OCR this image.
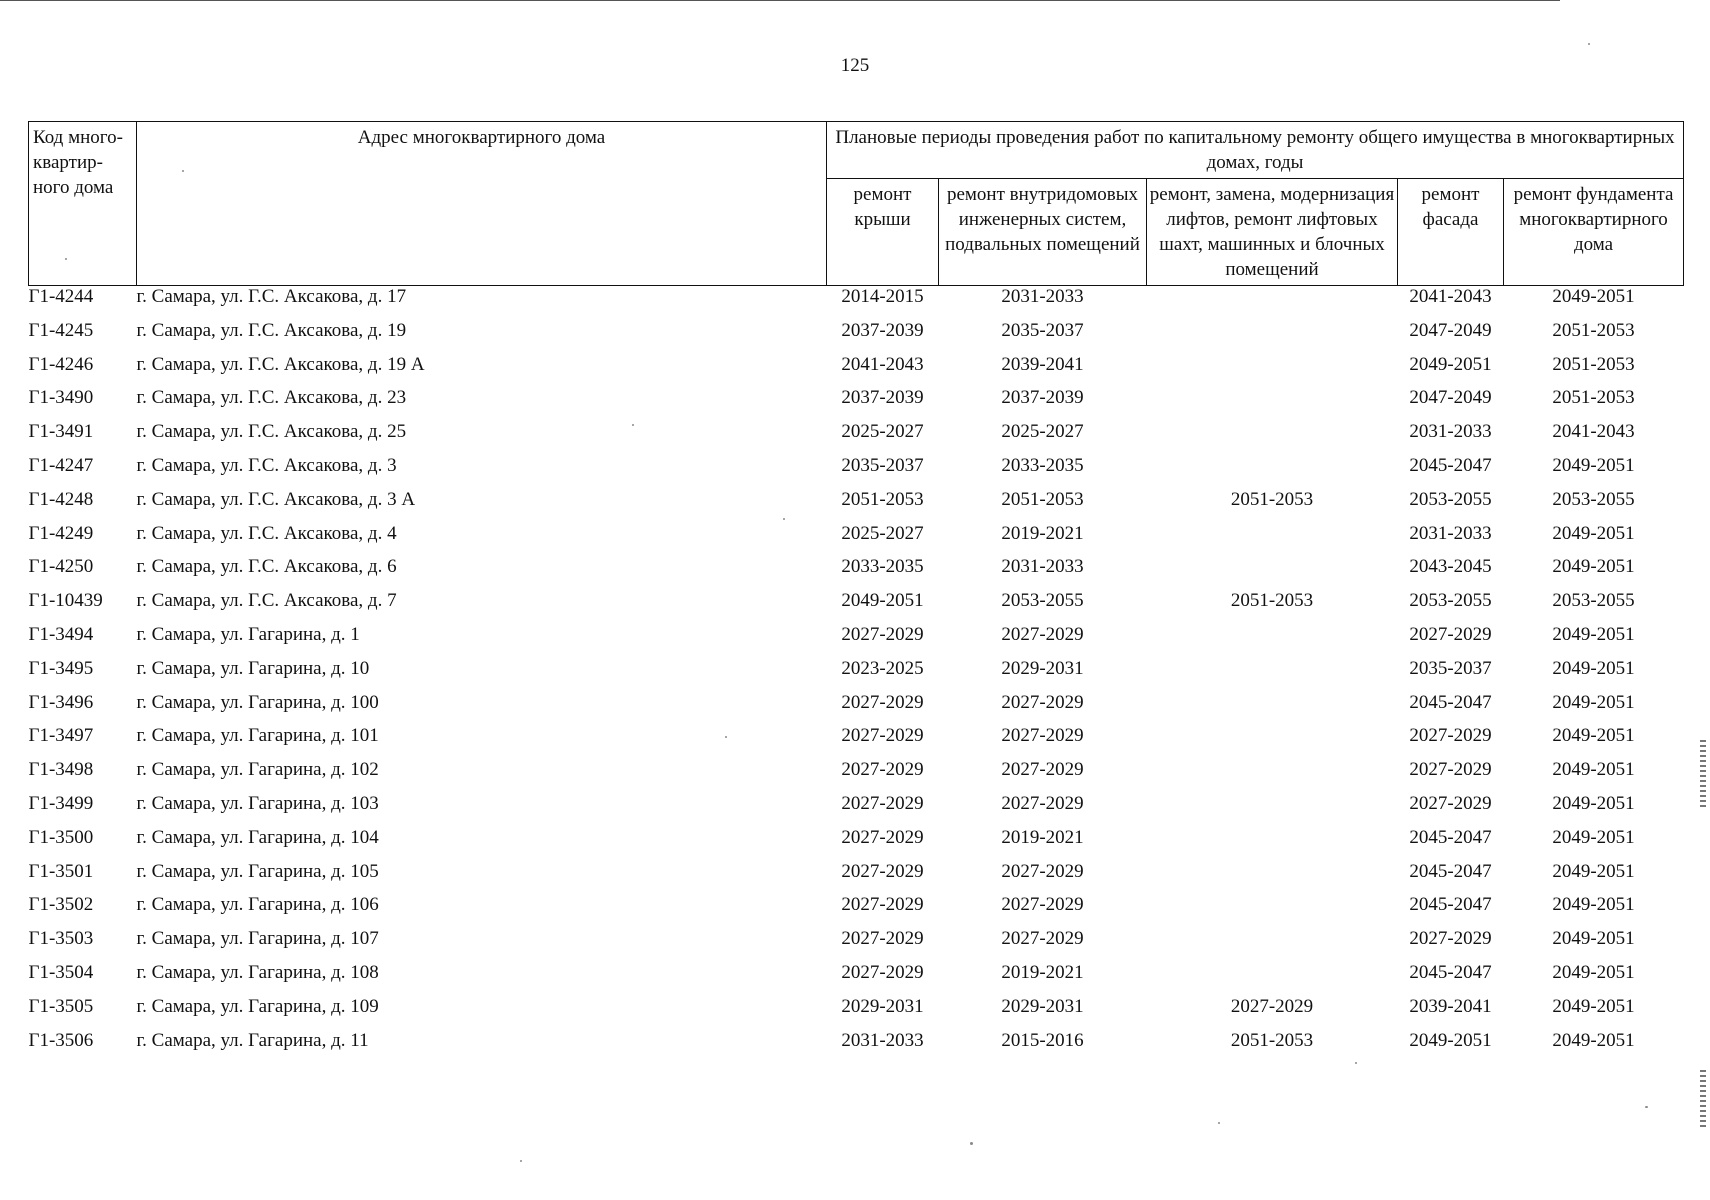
125
Код много-квартир-ного дома	Адрес многоквартирного дома	Плановые периоды проведения работ по капитальному ремонту общего имущества в многоквартирных домах, годы				
		ремонт крыши	ремонт внутридомовых инженерных систем, подвальных помещений	ремонт, замена, модернизация лифтов, ремонт лифтовых шахт, машинных и блочных помещений	ремонт фасада	ремонт фундамента многоквартирного дома
Г1-4244	г. Самара, ул. Г.С. Аксакова, д. 17	2014-2015	2031-2033		2041-2043	2049-2051
Г1-4245	г. Самара, ул. Г.С. Аксакова, д. 19	2037-2039	2035-2037		2047-2049	2051-2053
Г1-4246	г. Самара, ул. Г.С. Аксакова, д. 19 А	2041-2043	2039-2041		2049-2051	2051-2053
Г1-3490	г. Самара, ул. Г.С. Аксакова, д. 23	2037-2039	2037-2039		2047-2049	2051-2053
Г1-3491	г. Самара, ул. Г.С. Аксакова, д. 25	2025-2027	2025-2027		2031-2033	2041-2043
Г1-4247	г. Самара, ул. Г.С. Аксакова, д. 3	2035-2037	2033-2035		2045-2047	2049-2051
Г1-4248	г. Самара, ул. Г.С. Аксакова, д. 3 А	2051-2053	2051-2053	2051-2053	2053-2055	2053-2055
Г1-4249	г. Самара, ул. Г.С. Аксакова, д. 4	2025-2027	2019-2021		2031-2033	2049-2051
Г1-4250	г. Самара, ул. Г.С. Аксакова, д. 6	2033-2035	2031-2033		2043-2045	2049-2051
Г1-10439	г. Самара, ул. Г.С. Аксакова, д. 7	2049-2051	2053-2055	2051-2053	2053-2055	2053-2055
Г1-3494	г. Самара, ул. Гагарина, д. 1	2027-2029	2027-2029		2027-2029	2049-2051
Г1-3495	г. Самара, ул. Гагарина, д. 10	2023-2025	2029-2031		2035-2037	2049-2051
Г1-3496	г. Самара, ул. Гагарина, д. 100	2027-2029	2027-2029		2045-2047	2049-2051
Г1-3497	г. Самара, ул. Гагарина, д. 101	2027-2029	2027-2029		2027-2029	2049-2051
Г1-3498	г. Самара, ул. Гагарина, д. 102	2027-2029	2027-2029		2027-2029	2049-2051
Г1-3499	г. Самара, ул. Гагарина, д. 103	2027-2029	2027-2029		2027-2029	2049-2051
Г1-3500	г. Самара, ул. Гагарина, д. 104	2027-2029	2019-2021		2045-2047	2049-2051
Г1-3501	г. Самара, ул. Гагарина, д. 105	2027-2029	2027-2029		2045-2047	2049-2051
Г1-3502	г. Самара, ул. Гагарина, д. 106	2027-2029	2027-2029		2045-2047	2049-2051
Г1-3503	г. Самара, ул. Гагарина, д. 107	2027-2029	2027-2029		2027-2029	2049-2051
Г1-3504	г. Самара, ул. Гагарина, д. 108	2027-2029	2019-2021		2045-2047	2049-2051
Г1-3505	г. Самара, ул. Гагарина, д. 109	2029-2031	2029-2031	2027-2029	2039-2041	2049-2051
Г1-3506	г. Самара, ул. Гагарина, д. 11	2031-2033	2015-2016	2051-2053	2049-2051	2049-2051
